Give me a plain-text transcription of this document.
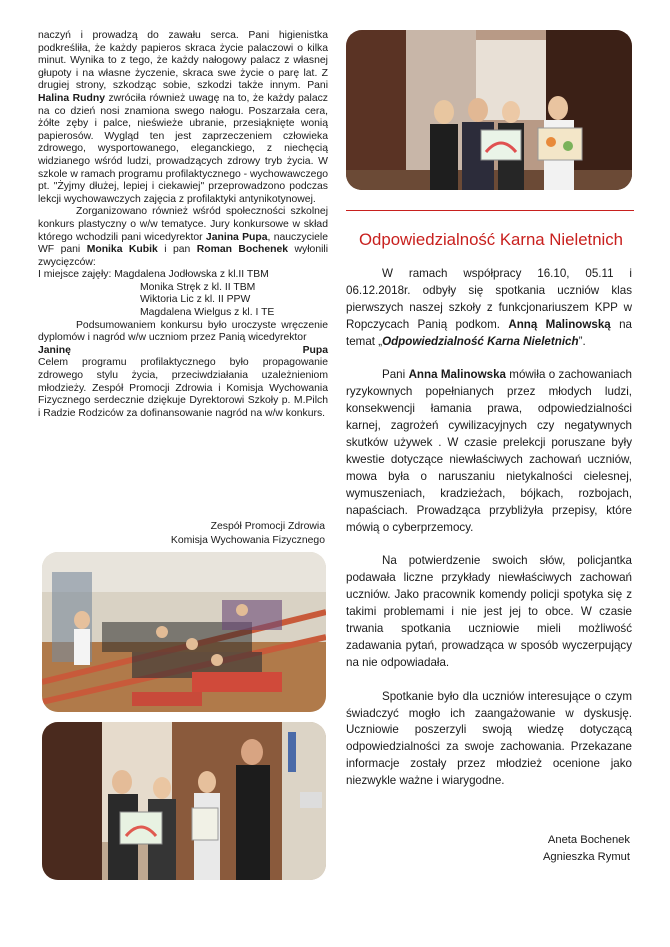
naczyń i prowadzą do zawału serca. Pani higienistka podkreśliła, że każdy papieros skraca życie palaczowi o kilka minut. Wynika to z tego, że każdy nałogowy palacz z własnej głupoty i na własne życzenie, skraca swe życie o parę lat. Z drugiej strony, szkodząc sobie, szkodzi także innym. Pani Halina Rudny zwróciła również uwagę na to, że każdy palacz na co dzień nosi znamiona swego nałogu. Poszarzała cera, żółte zęby i palce, nieświeże ubranie, przesiąknięte wonią papierosów. Wygląd ten jest zaprzeczeniem człowieka zdrowego, wysportowanego, eleganckiego, z niechęcią widzianego wśród ludzi, prowadzących zdrowy tryb życia. W szkole w ramach programu profilaktycznego - wychowawczego pt. "Żyjmy dłużej, lepiej i ciekawiej" przeprowadzono podczas lekcji wychowawczych zajęcia z profilaktyki antynikotynowej.

Zorganizowano również wśród społeczności szkolnej konkurs plastyczny o w/w tematyce. Jury konkursowe w skład którego wchodzili pani wicedyrektor Janina Pupa, nauczyciele WF pani Monika Kubik i pan Roman Bochenek wyłonili zwycięzców:

I miejsce zajęły: Magdalena Jodłowska z kl.II TBM

Monika Stręk z kl. II TBM

Wiktoria Lic z kl. II PPW

Magdalena Wielgus z kl. I TE

Podsumowaniem konkursu było uroczyste wręczenie dyplomów i nagród w/w uczniom przez Panią wicedyrektor

Janinę	Pupa

Celem programu profilaktycznego było propagowanie zdrowego stylu życia, przeciwdziałania uzależnieniom młodzieży. Zespół Promocji Zdrowia i Komisja Wychowania Fizycznego serdecznie dziękuje Dyrektorowi Szkoły p. M.Pilch i Radzie Rodziców za dofinansowanie nagród na w/w konkurs.

Zespół Promocji Zdrowia
Komisja Wychowania Fizycznego
Odpowiedzialność Karna Nieletnich

W ramach współpracy 16.10, 05.11 i 06.12.2018r. odbyły się spotkania uczniów klas pierwszych naszej szkoły z funkcjonariuszem KPP w Ropczycach Panią podkom. Anną Malinowską na temat „Odpowiedzialność Karna Nieletnich”.

Pani Anna Malinowska mówiła o zachowaniach ryzykownych popełnianych przez młodych ludzi, konsekwencji łamania prawa, odpowiedzialności karnej, zagrożeń cywilizacyjnych czy negatywnych skutków używek . W czasie prelekcji poruszane były kwestie dotyczące niewłaściwych zachowań uczniów, mowa była o naruszaniu nietykalności cielesnej, wymuszeniach, kradzieżach, bójkach, rozbojach, napaściach. Prowadząca przybliżyła przepisy, które mówią o cyberprzemocy.

Na potwierdzenie swoich słów, policjantka podawała liczne przykłady niewłaściwych zachowań uczniów. Jako pracownik komendy policji spotyka się z takimi problemami i nie jest jej to obce. W czasie trwania spotkania uczniowie mieli możliwość zadawania pytań, prowadząca w sposób wyczerpujący na nie odpowiadała.

Spotkanie było dla uczniów interesujące o czym świadczyć mogło ich zaangażowanie w dyskusję. Uczniowie poszerzyli swoją wiedzę dotyczącą odpowiedzialności za swoje zachowania. Przekazane informacje zostały przez młodzież ocenione jako niezwykle ważne i wiarygodne.

Aneta Bochenek
Agnieszka Rymut
